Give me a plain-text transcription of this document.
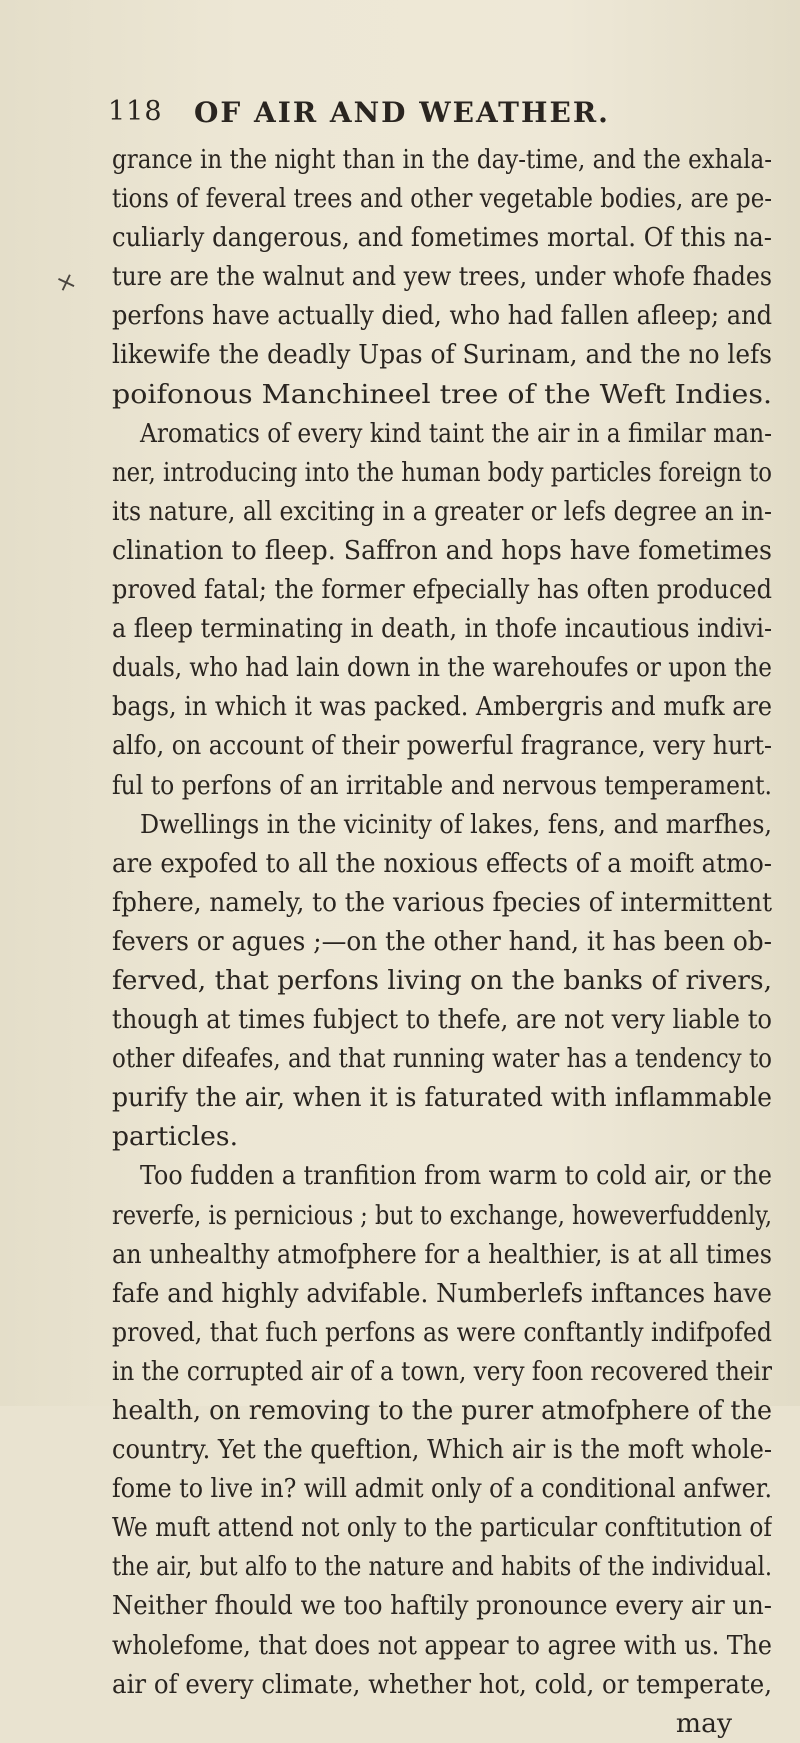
118 OF AIR AND WEATHER.
×
grance in the night than in the day-time, and the exhala-
tions of feveral trees and other vegetable bodies, are pe-
culiarly dangerous, and fometimes mortal. Of this na-
ture are the walnut and yew trees, under whofe fhades
perfons have actually died, who had fallen afleep; and
likewife the deadly Upas of Surinam, and the no lefs
poifonous Manchineel tree of the Weft Indies.
Aromatics of every kind taint the air in a fimilar man-
ner, introducing into the human body particles foreign to
its nature, all exciting in a greater or lefs degree an in-
clination to fleep. Saffron and hops have fometimes
proved fatal; the former efpecially has often produced
a fleep terminating in death, in thofe incautious indivi-
duals, who had lain down in the warehoufes or upon the
bags, in which it was packed. Ambergris and mufk are
alfo, on account of their powerful fragrance, very hurt-
ful to perfons of an irritable and nervous temperament.
Dwellings in the vicinity of lakes, fens, and marfhes,
are expofed to all the noxious effects of a moift atmo-
fphere, namely, to the various fpecies of intermittent
fevers or agues ;—on the other hand, it has been ob-
ferved, that perfons living on the banks of rivers,
though at times fubject to thefe, are not very liable to
other difeafes, and that running water has a tendency to
purify the air, when it is faturated with inflammable
particles.
Too fudden a tranfition from warm to cold air, or the
reverfe, is pernicious ; but to exchange, howeverfuddenly,
an unhealthy atmofphere for a healthier, is at all times
fafe and highly advifable. Numberlefs inftances have
proved, that fuch perfons as were conftantly indifpofed
in the corrupted air of a town, very foon recovered their
health, on removing to the purer atmofphere of the
country. Yet the queftion, Which air is the moft whole-
fome to live in? will admit only of a conditional anfwer.
We muft attend not only to the particular conftitution of
the air, but alfo to the nature and habits of the individual.
Neither fhould we too haftily pronounce every air un-
wholefome, that does not appear to agree with us. The
air of every climate, whether hot, cold, or temperate,
may
